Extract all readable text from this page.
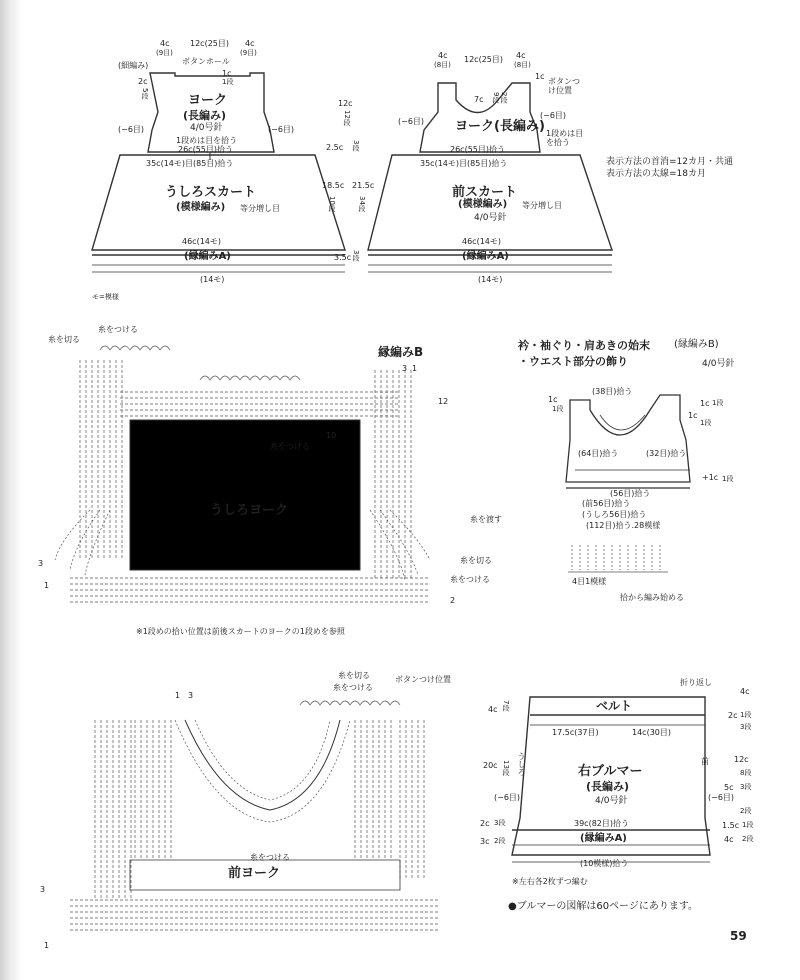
4c	12c(25目) 4c
(9目)	(9目)
ボタンホール
(細編み)
2c
5段
1c
1段
ヨーク
(長編み)
4/0号針
(−6目)	(−6目)
1段めは目を拾う
26c(55目)拾う
35c(14モ)目(85目)拾う
うしろスカート
(模様編み) 等分増し目
46c(14モ)
(縁編みA)
(14モ)
モ=模様
12c
12段
2.5c 3段
18.5c 21.5c
10段	34段
3.5c 3段
4c 12c(25目) 4c
(8目)	(8目)
1c
ボタンつけ位置
7c 9段 2段
ヨーク(長編み)
(−6目)
(−6目)
1段めは目を拾う
26c(55目)拾う
35c(14モ)目(85目)拾う
前スカート
(模様編み) 等分増し目
4/0号針
46c(14モ)
(縁編みA)
(14モ)
表示方法の首消=12カ月・共通
表示方法の太線=18カ月
糸を切る
糸をつける
縁編みB
3 1
12
10
糸をつける
うしろヨーク
糸を渡す
糸を切る
糸をつける
3
1
2
※1段めの拾い位置は前後スカートのヨークの1段めを参照
衿・袖ぐり・肩あきの始末 (縁編みB)
・ウエスト部分の飾り	4/0号針
1c
1段
(38目)拾う
1c 1段
1c
1段
(64目)拾う	(32目)拾う
(56目)拾う
+1c 1段
(前56目)拾う
(うしろ56目)拾う
(112目)拾う.28模様
4目1模様
拾から編み始める
1 3
糸を切る
糸をつける
ボタンつけ位置
糸をつける
前ヨーク
3
1
折り返し
ベルト
4c 7段
17.5c(37目)	14c(30目)
右ブルマー
(長編み)
4/0号針
20c 13段 うしろ	前
(−6目)	(−6目)
39c(82目)拾う
(縁編みA)
(10模様)拾う
2c 3段
3c 2段
4c
2c 1段
3段
12c
8段
5c 3段
2段
1.5c 1段
4c 2段
※左右各2枚ずつ編む
●ブルマーの図解は60ページにあります。
59
